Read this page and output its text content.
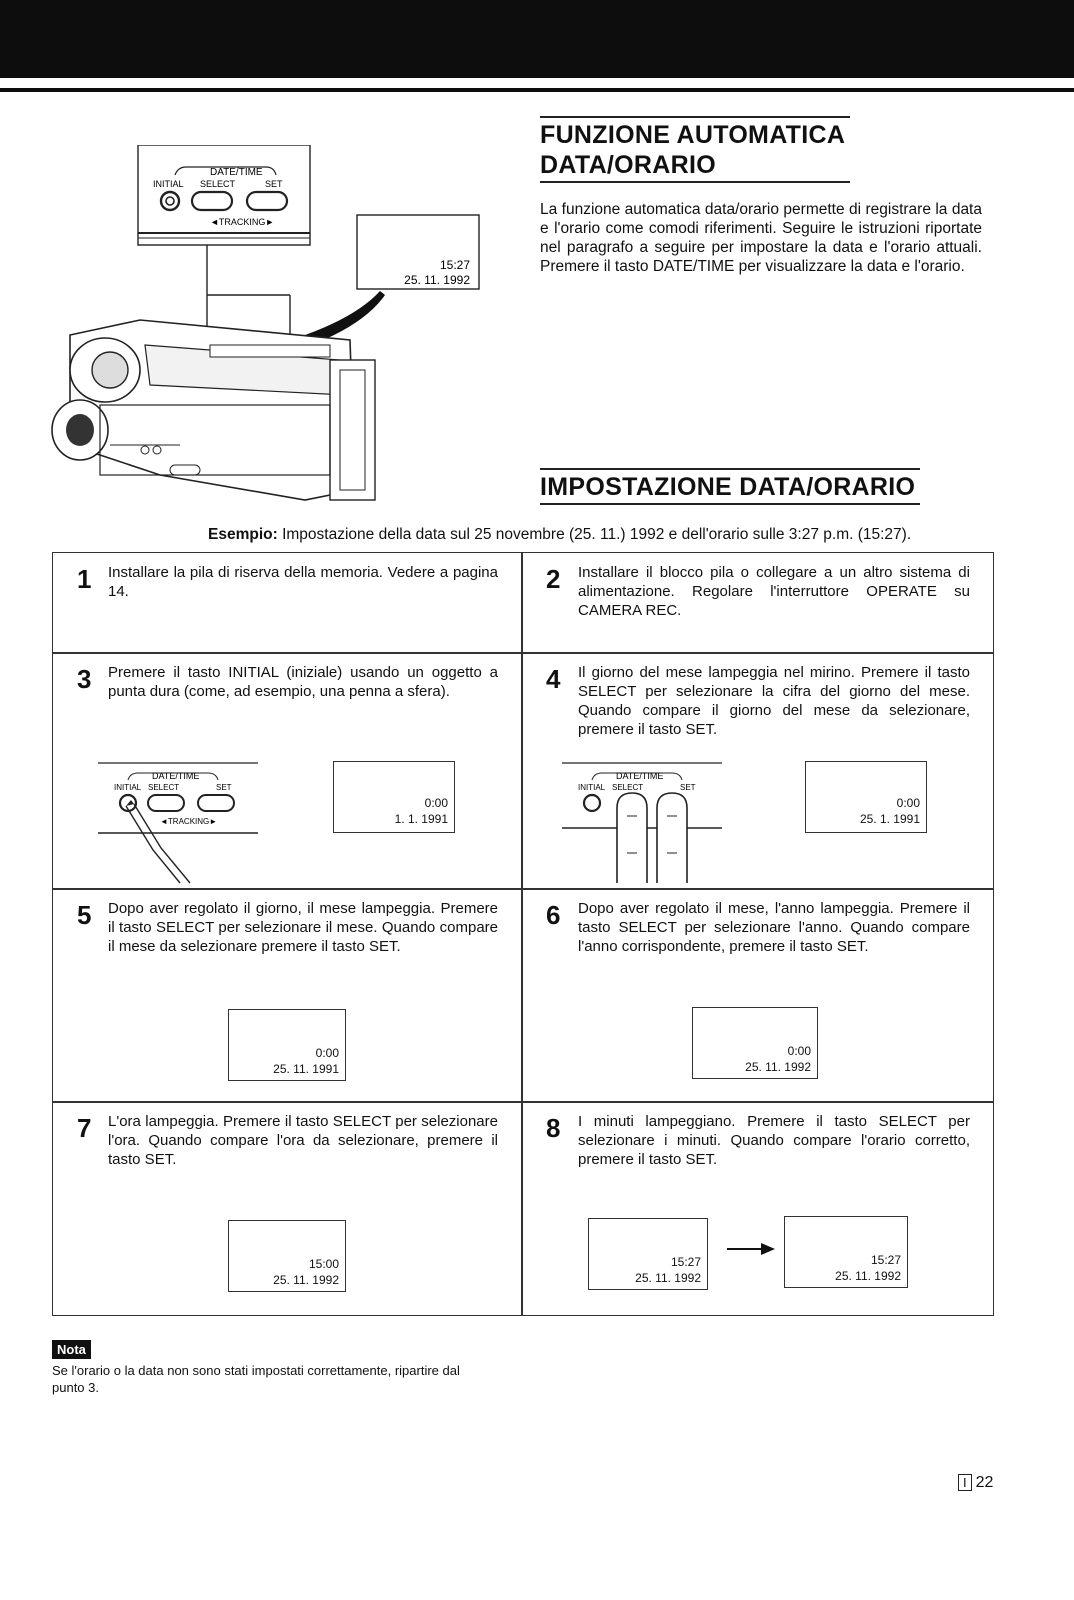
FUNZIONE AUTOMATICA
DATA/ORARIO

La funzione automatica data/orario permette di registrare la data e l'orario come comodi riferimenti. Seguire le istruzioni riportate nel paragrafo a seguire per impostare la data e l'orario attuali. Premere il tasto DATE/TIME per visualizzare la data e l'orario.

DATE/TIME
INITIAL SELECT	SET
◄TRACKING►
15:27
25. 11. 1992
IMPOSTAZIONE DATA/ORARIO

Esempio: Impostazione della data sul 25 novembre (25. 11.) 1992 e dell'orario sulle 3:27 p.m. (15:27).

1 Installare la pila di riserva della memoria. Vedere a pagina 14.	2 Installare il blocco pila o collegare a un altro sistema di alimentazione. Regolare l'interruttore OPERATE su CAMERA REC.

3 Premere il tasto INITIAL (iniziale) usando un oggetto a punta dura (come, ad esempio, una penna a sfera).

DATE/TIME
INITIAL SELECT	SET
◄TRACKING►
0:00
1. 1. 1991
4 Il giorno del mese lampeggia nel mirino. Premere il tasto SELECT per selezionare la cifra del giorno del mese. Quando compare il giorno del mese da selezionare, premere il tasto SET.

DATE/TIME
INITIAL SELECT	SET
0:00
25. 1. 1991
5 Dopo aver regolato il giorno, il mese lampeggia. Premere il tasto SELECT per selezionare il mese. Quando compare il mese da selezionare premere il tasto SET.

0:00
25. 11. 1991
6 Dopo aver regolato il mese, l'anno lampeggia. Premere il tasto SELECT per selezionare l'anno. Quando compare l'anno corrispondente, premere il tasto SET.

0:00
25. 11. 1992
7 L'ora lampeggia. Premere il tasto SELECT per selezionare l'ora. Quando compare l'ora da selezionare, premere il tasto SET.

15:00
25. 11. 1992
8 I minuti lampeggiano. Premere il tasto SELECT per selezionare i minuti. Quando compare l'orario corretto, premere il tasto SET.

15:27
25. 11. 1992
15:27
25. 11. 1992
Nota

Se l'orario o la data non sono stati impostati correttamente, ripartire dal punto 3.

I 22
